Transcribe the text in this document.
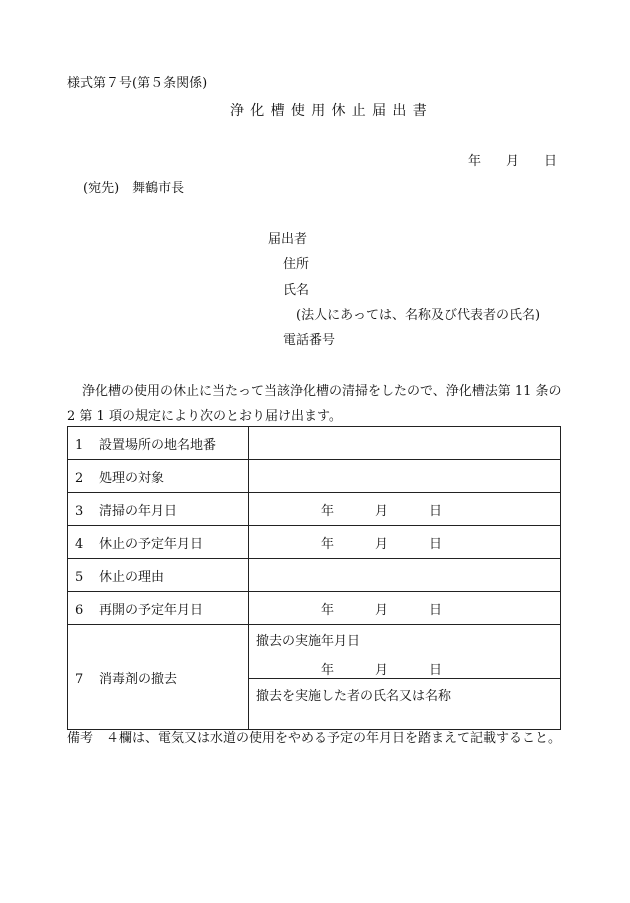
様式第７号(第５条関係)
浄化槽使用休止届出書
年 月 日
(宛先)　舞鶴市長
届出者
住所
氏名
(法人にあっては、名称及び代表者の氏名)
電話番号
浄化槽の使用の休止に当たって当該浄化槽の清掃をしたので、浄化槽法第 11 条の
2 第 1 項の規定により次のとおり届け出ます。
1 設置場所の地名地番	
2 処理の対象	
3 清掃の年月日	年 月 日
4 休止の予定年月日	年 月 日
5 休止の理由	
6 再開の予定年月日	年 月 日
7 消毒剤の撤去	撤去の実施年月日
年 月 日

	撤去を実施した者の氏名又は名称
備考　４欄は、電気又は水道の使用をやめる予定の年月日を踏まえて記載すること。
